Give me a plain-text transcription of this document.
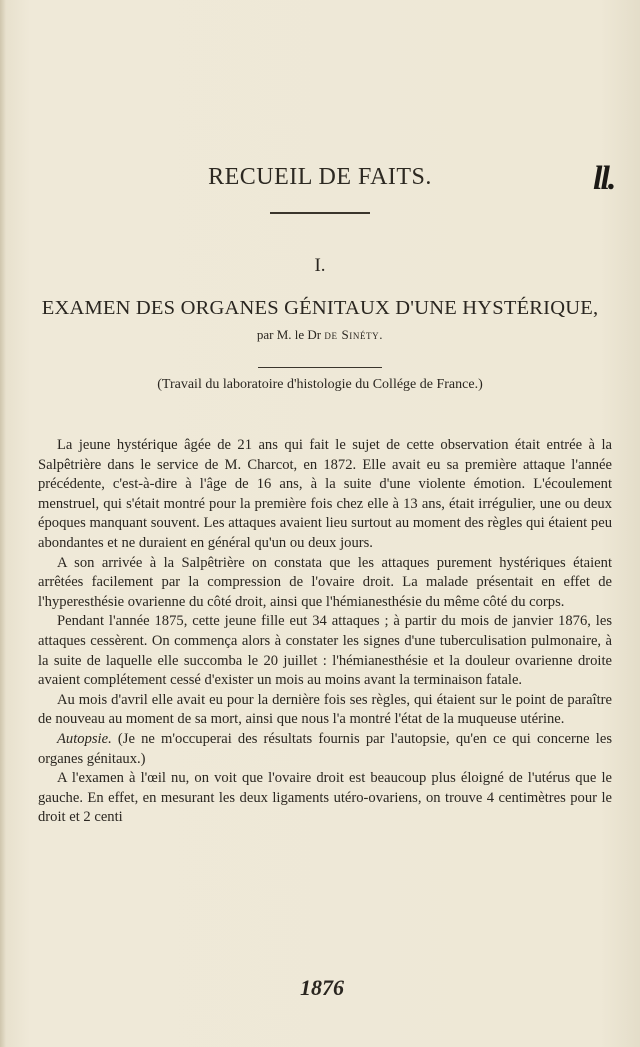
RECUEIL DE FAITS.	ll.
I.
EXAMEN DES ORGANES GÉNITAUX D'UNE HYSTÉRIQUE,
par M. le Dr de Sinéty.
(Travail du laboratoire d'histologie du Collége de France.)

La jeune hystérique âgée de 21 ans qui fait le sujet de cette observation était entrée à la Salpêtrière dans le service de M. Charcot, en 1872. Elle avait eu sa première attaque l'année précédente, c'est-à-dire à l'âge de 16 ans, à la suite d'une violente émotion. L'écoulement menstruel, qui s'était montré pour la première fois chez elle à 13 ans, était irrégulier, une ou deux époques manquant souvent. Les attaques avaient lieu surtout au moment des règles qui étaient peu abondantes et ne duraient en général qu'un ou deux jours.

A son arrivée à la Salpêtrière on constata que les attaques purement hystériques étaient arrêtées facilement par la compression de l'ovaire droit. La malade présentait en effet de l'hyperesthésie ovarienne du côté droit, ainsi que l'hémianesthésie du même côté du corps.

Pendant l'année 1875, cette jeune fille eut 34 attaques ; à partir du mois de janvier 1876, les attaques cessèrent. On commença alors à constater les signes d'une tuberculisation pulmonaire, à la suite de laquelle elle succomba le 20 juillet : l'hémianesthésie et la douleur ovarienne droite avaient complétement cessé d'exister un mois au moins avant la terminaison fatale.

Au mois d'avril elle avait eu pour la dernière fois ses règles, qui étaient sur le point de paraître de nouveau au moment de sa mort, ainsi que nous l'a montré l'état de la muqueuse utérine.

Autopsie. (Je ne m'occuperai des résultats fournis par l'autopsie, qu'en ce qui concerne les organes génitaux.)

A l'examen à l'œil nu, on voit que l'ovaire droit est beaucoup plus éloigné de l'utérus que le gauche. En effet, en mesurant les deux ligaments utéro-ovariens, on trouve 4 centimètres pour le droit et 2 centi

1876
